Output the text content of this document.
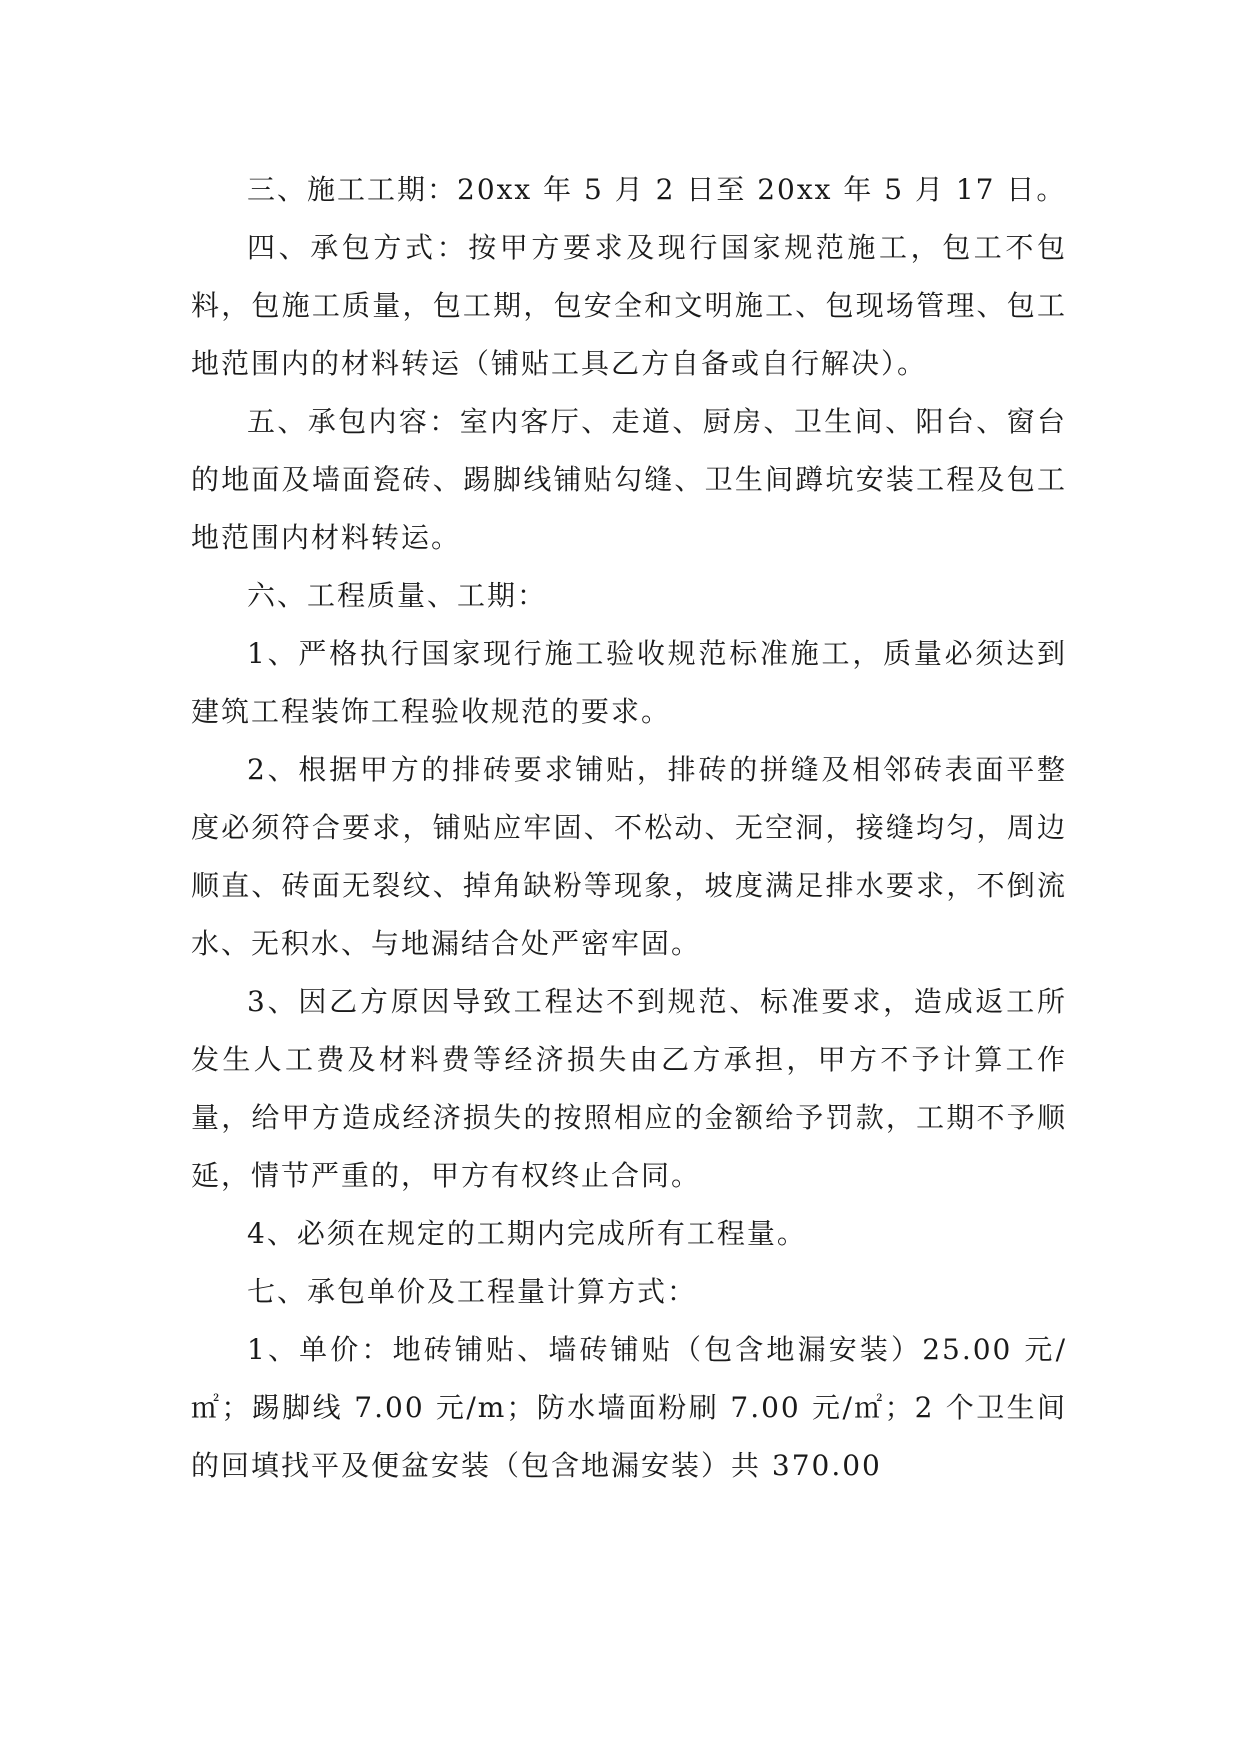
三、施工工期：20xx 年 5 月 2 日至 20xx 年 5 月 17 日。

四、承包方式：按甲方要求及现行国家规范施工，包工不包料，包施工质量，包工期，包安全和文明施工、包现场管理、包工地范围内的材料转运（铺贴工具乙方自备或自行解决）。

五、承包内容：室内客厅、走道、厨房、卫生间、阳台、窗台的地面及墙面瓷砖、踢脚线铺贴勾缝、卫生间蹲坑安装工程及包工地范围内材料转运。

六、工程质量、工期：

1、严格执行国家现行施工验收规范标准施工，质量必须达到建筑工程装饰工程验收规范的要求。

2、根据甲方的排砖要求铺贴，排砖的拼缝及相邻砖表面平整度必须符合要求，铺贴应牢固、不松动、无空洞，接缝均匀，周边顺直、砖面无裂纹、掉角缺粉等现象，坡度满足排水要求，不倒流水、无积水、与地漏结合处严密牢固。

3、因乙方原因导致工程达不到规范、标准要求，造成返工所发生人工费及材料费等经济损失由乙方承担，甲方不予计算工作量，给甲方造成经济损失的按照相应的金额给予罚款，工期不予顺延，情节严重的，甲方有权终止合同。

4、必须在规定的工期内完成所有工程量。

七、承包单价及工程量计算方式：

1、单价：地砖铺贴、墙砖铺贴（包含地漏安装）25.00 元/㎡；踢脚线 7.00 元/m；防水墙面粉刷 7.00 元/㎡；2 个卫生间的回填找平及便盆安装（包含地漏安装）共 370.00
